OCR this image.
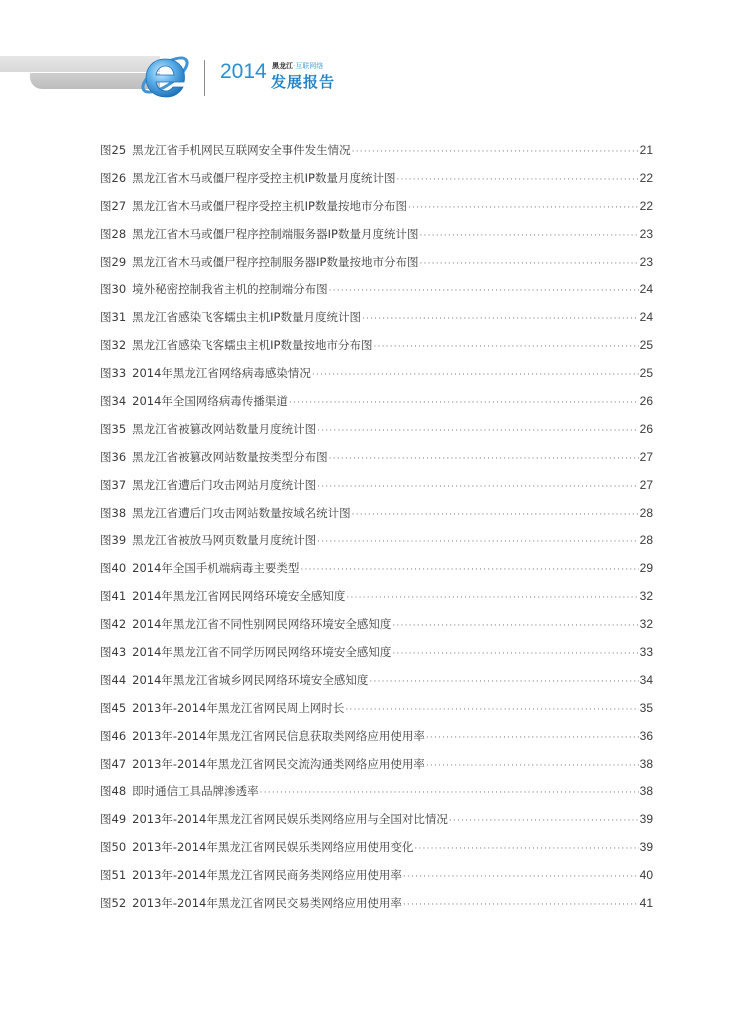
2014 黑龙江·互联网络
发展报告
图25 黑龙江省手机网民互联网安全事件发生情况 ·····	21
图26 黑龙江省木马或僵尸程序受控主机IP数量月度统计图 ·····	22
图27 黑龙江省木马或僵尸程序受控主机IP数量按地市分布图 ·····	22
图28 黑龙江省木马或僵尸程序控制端服务器IP数量月度统计图 ·····	23
图29 黑龙江省木马或僵尸程序控制服务器IP数量按地市分布图 ·····	23
图30 境外秘密控制我省主机的控制端分布图 ·····	24
图31 黑龙江省感染飞客蠕虫主机IP数量月度统计图 ·····	24
图32 黑龙江省感染飞客蠕虫主机IP数量按地市分布图 ·····	25
图33 2014年黑龙江省网络病毒感染情况 ·····	25
图34 2014年全国网络病毒传播渠道 ·····	26
图35 黑龙江省被篡改网站数量月度统计图 ·····	26
图36 黑龙江省被篡改网站数量按类型分布图 ·····	27
图37 黑龙江省遭后门攻击网站月度统计图 ·····	27
图38 黑龙江省遭后门攻击网站数量按域名统计图 ·····	28
图39 黑龙江省被放马网页数量月度统计图 ·····	28
图40 2014年全国手机端病毒主要类型 ·····	29
图41 2014年黑龙江省网民网络环境安全感知度 ·····	32
图42 2014年黑龙江省不同性别网民网络环境安全感知度 ·····	32
图43 2014年黑龙江省不同学历网民网络环境安全感知度 ·····	33
图44 2014年黑龙江省城乡网民网络环境安全感知度 ·····	34
图45 2013年-2014年黑龙江省网民周上网时长 ·····	35
图46 2013年-2014年黑龙江省网民信息获取类网络应用使用率 ·····	36
图47 2013年-2014年黑龙江省网民交流沟通类网络应用使用率 ·····	38
图48 即时通信工具品牌渗透率 ·····	38
图49 2013年-2014年黑龙江省网民娱乐类网络应用与全国对比情况 ·····	39
图50 2013年-2014年黑龙江省网民娱乐类网络应用使用变化 ·····	39
图51 2013年-2014年黑龙江省网民商务类网络应用使用率 ·····	40
图52 2013年-2014年黑龙江省网民交易类网络应用使用率 ·····	41
